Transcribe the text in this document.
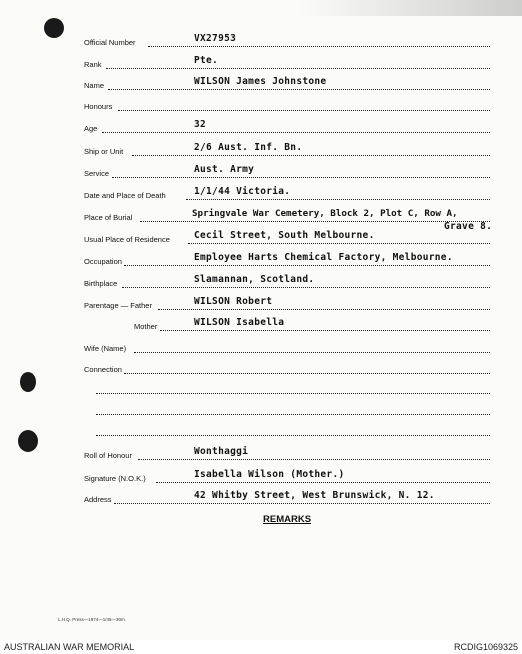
Official Number	VX27953
Rank	Pte.
Name	WILSON James Johnstone
Honours
Age	32
Ship or Unit	2/6 Aust. Inf. Bn.
Service	Aust. Army
Date and Place of Death	1/1/44 Victoria.
Place of Burial	Springvale War Cemetery, Block 2, Plot C, Row A,
Grave 8.
Usual Place of Residence	Cecil Street, South Melbourne.
Occupation	Employee Harts Chemical Factory, Melbourne.
Birthplace	Slamannan, Scotland.
Parentage — Father	WILSON Robert
Mother	WILSON Isabella
Wife (Name)
Connection
Roll of Honour	Wonthaggi
Signature (N.O.K.)	Isabella Wilson (Mother.)
Address	42 Whitby Street, West Brunswick, N. 12.
REMARKS
L.H.Q. Press—1974—1/45—30m.
AUSTRALIAN WAR MEMORIAL	RCDIG1069325
